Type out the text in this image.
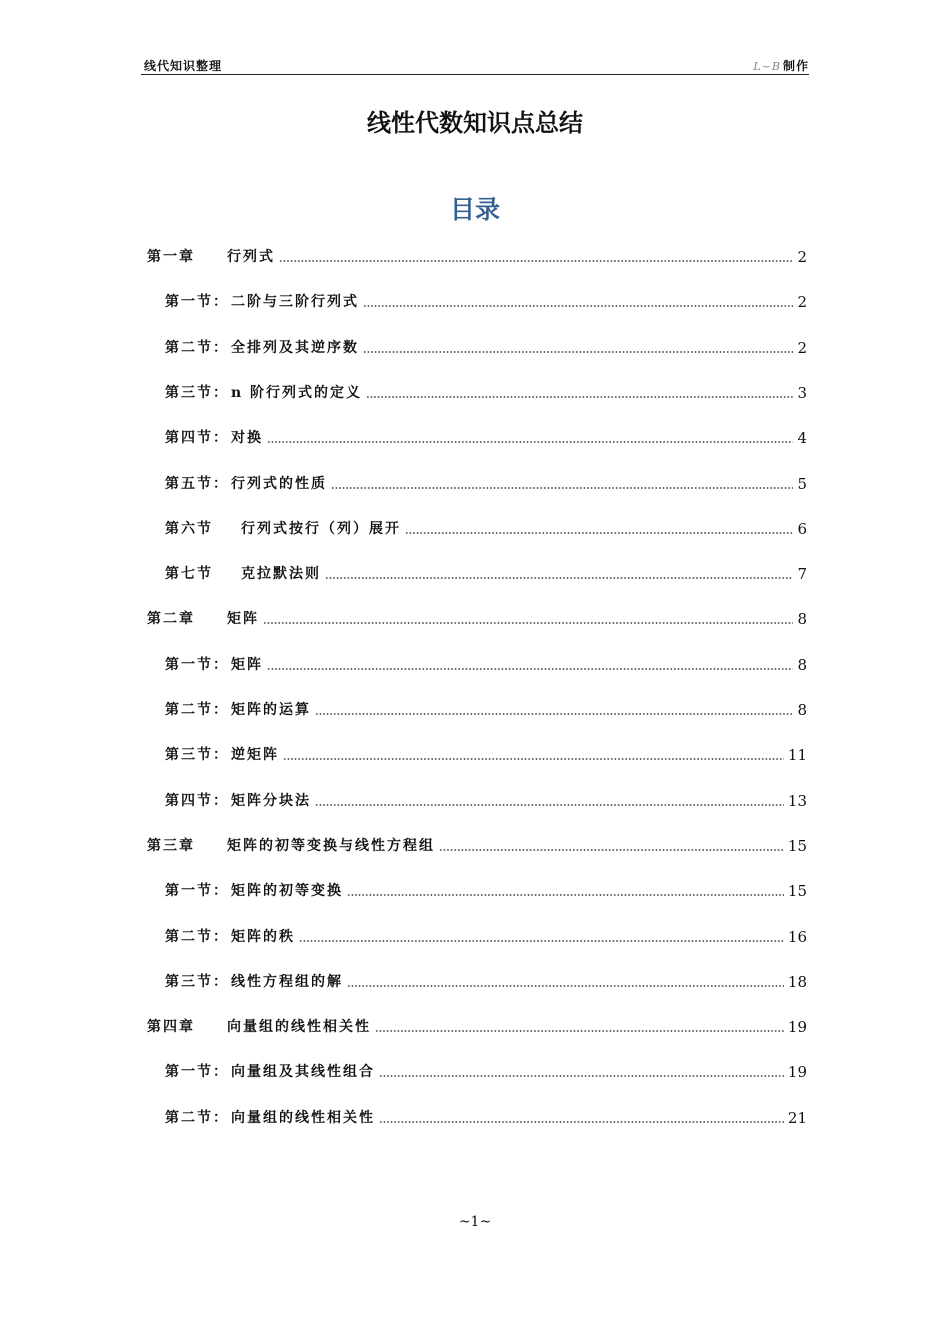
线代知识整理	L~B 制作
线性代数知识点总结
目录
第一章 行列式	2
第一节： 二阶与三阶行列式	2
第二节： 全排列及其逆序数	2
第三节： n 阶行列式的定义	3
第四节： 对换	4
第五节： 行列式的性质	5
第六节 行列式按行（列）展开	6
第七节 克拉默法则	7
第二章 矩阵	8
第一节： 矩阵	8
第二节： 矩阵的运算	8
第三节： 逆矩阵	11
第四节： 矩阵分块法	13
第三章 矩阵的初等变换与线性方程组	15
第一节： 矩阵的初等变换	15
第二节： 矩阵的秩	16
第三节： 线性方程组的解	18
第四章 向量组的线性相关性	19
第一节： 向量组及其线性组合	19
第二节： 向量组的线性相关性	21
~1~
